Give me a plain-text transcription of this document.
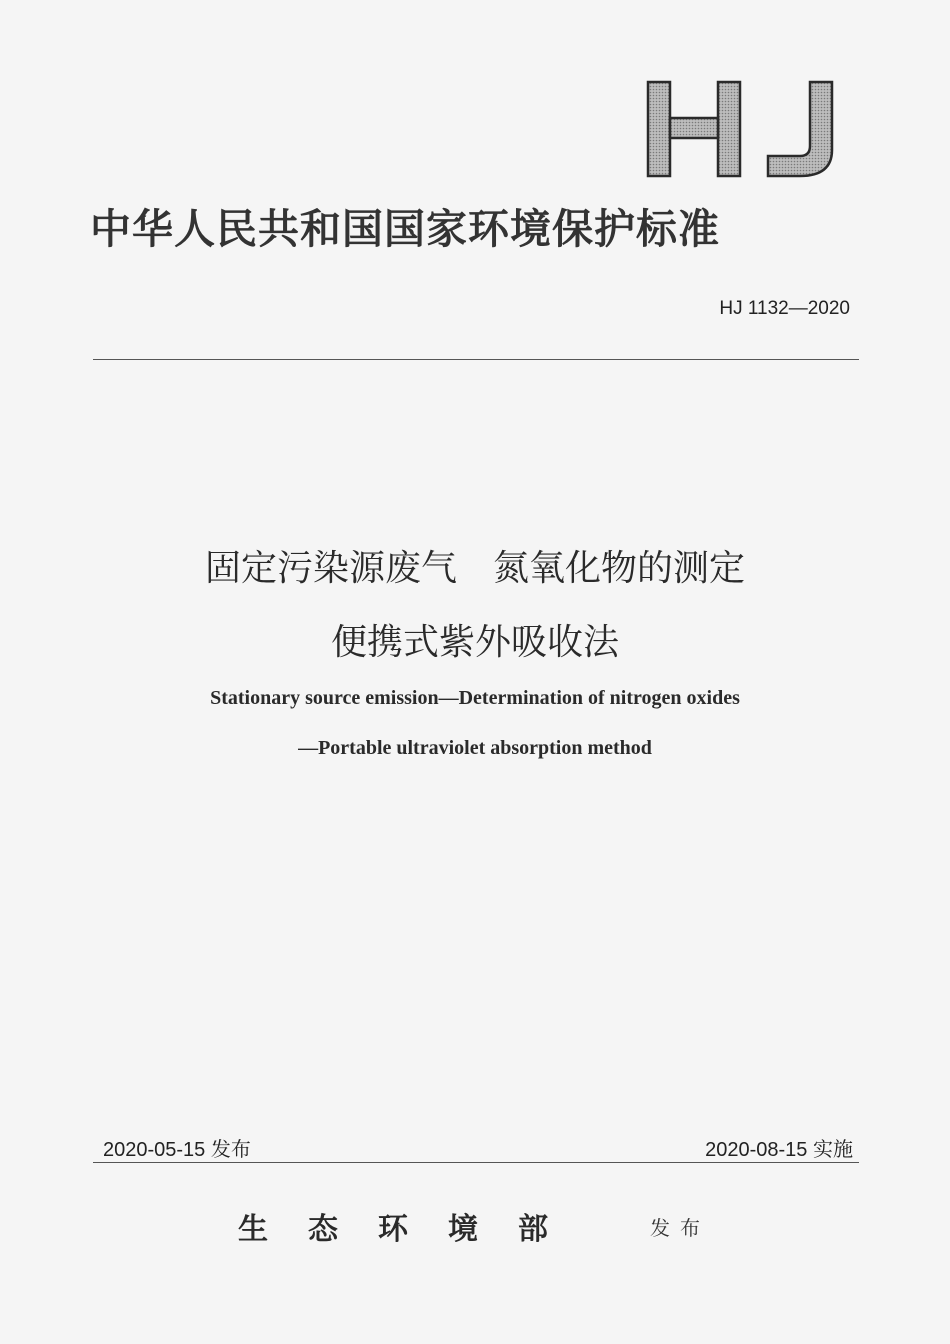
中华人民共和国国家环境保护标准
HJ 1132—2020
固定污染源废气　氮氧化物的测定
便携式紫外吸收法
Stationary source emission—Determination of nitrogen oxides
—Portable ultraviolet absorption method
2020-05-15 发布	2020-08-15 实施
生态环境部	发布
